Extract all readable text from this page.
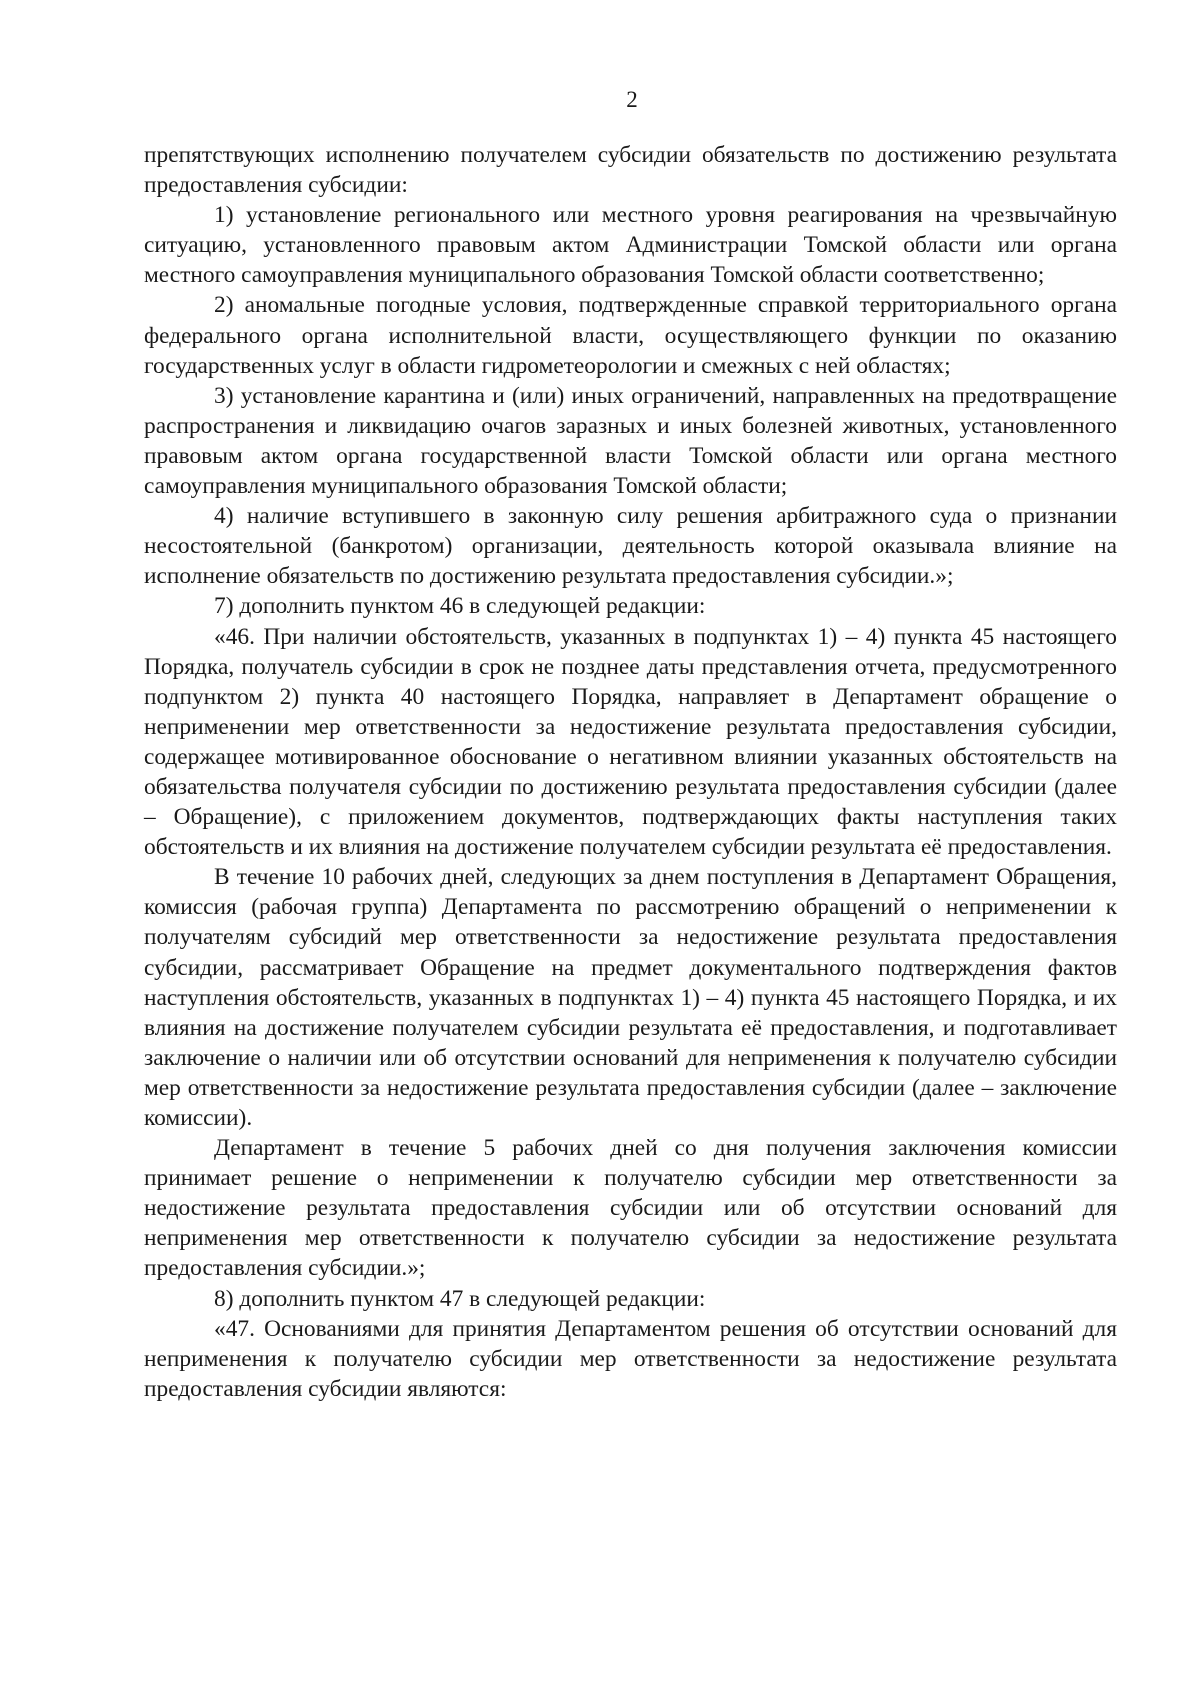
2

препятствующих исполнению получателем субсидии обязательств по достижению результата предоставления субсидии:

1) установление регионального или местного уровня реагирования на чрезвычайную ситуацию, установленного правовым актом Администрации Томской области или органа местного самоуправления муниципального образования Томской области соответственно;

2) аномальные погодные условия, подтвержденные справкой территориального органа федерального органа исполнительной власти, осуществляющего функции по оказанию государственных услуг в области гидрометеорологии и смежных с ней областях;

3) установление карантина и (или) иных ограничений, направленных на предотвращение распространения и ликвидацию очагов заразных и иных болезней животных, установленного правовым актом органа государственной власти Томской области или органа местного самоуправления муниципального образования Томской области;

4) наличие вступившего в законную силу решения арбитражного суда о признании несостоятельной (банкротом) организации, деятельность которой оказывала влияние на исполнение обязательств по достижению результата предоставления субсидии.»;

7) дополнить пунктом 46 в следующей редакции:

«46. При наличии обстоятельств, указанных в подпунктах 1) – 4) пункта 45 настоящего Порядка, получатель субсидии в срок не позднее даты представления отчета, предусмотренного подпунктом 2) пункта 40 настоящего Порядка, направляет в Департамент обращение о неприменении мер ответственности за недостижение результата предоставления субсидии, содержащее мотивированное обоснование о негативном влиянии указанных обстоятельств на обязательства получателя субсидии по достижению результата предоставления субсидии (далее – Обращение), с приложением документов, подтверждающих факты наступления таких обстоятельств и их влияния на достижение получателем субсидии результата её предоставления.

В течение 10 рабочих дней, следующих за днем поступления в Департамент Обращения, комиссия (рабочая группа) Департамента по рассмотрению обращений о неприменении к получателям субсидий мер ответственности за недостижение результата предоставления субсидии, рассматривает Обращение на предмет документального подтверждения фактов наступления обстоятельств, указанных в подпунктах 1) – 4) пункта 45 настоящего Порядка, и их влияния на достижение получателем субсидии результата её предоставления, и подготавливает заключение о наличии или об отсутствии оснований для неприменения к получателю субсидии мер ответственности за недостижение результата предоставления субсидии (далее – заключение комиссии).

Департамент в течение 5 рабочих дней со дня получения заключения комиссии принимает решение о неприменении к получателю субсидии мер ответственности за недостижение результата предоставления субсидии или об отсутствии оснований для неприменения мер ответственности к получателю субсидии за недостижение результата предоставления субсидии.»;

8) дополнить пунктом 47 в следующей редакции:

«47. Основаниями для принятия Департаментом решения об отсутствии оснований для неприменения к получателю субсидии мер ответственности за недостижение результата предоставления субсидии являются:
